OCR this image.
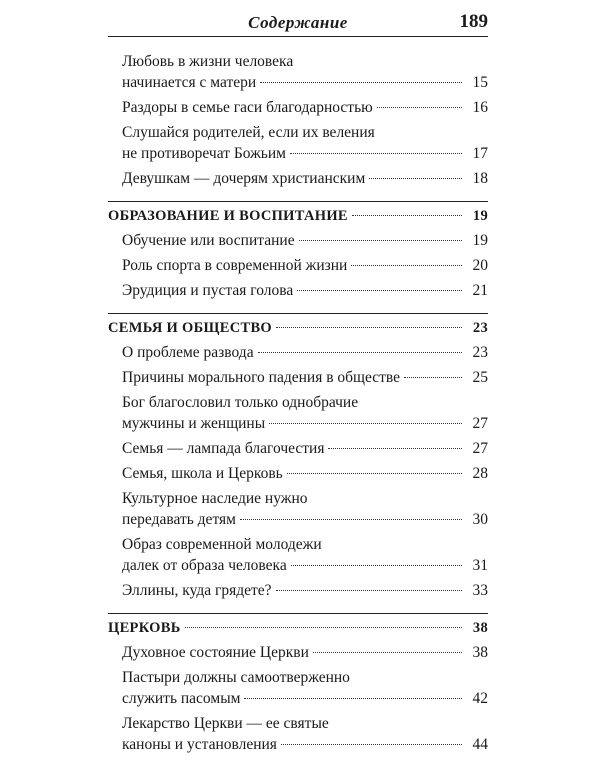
Содержание	189
Любовь в жизни человека
начинается с матери	15
Раздоры в семье гаси благодарностью	16
Слушайся родителей, если их веления
не противоречат Божьим	17
Девушкам — дочерям христианским	18
ОБРАЗОВАНИЕ И ВОСПИТАНИЕ	19
Обучение или воспитание	19
Роль спорта в современной жизни	20
Эрудиция и пустая голова	21
СЕМЬЯ И ОБЩЕСТВО	23
О проблеме развода	23
Причины морального падения в обществе	25
Бог благословил только однобрачие
мужчины и женщины	27
Семья — лампада благочестия	27
Семья, школа и Церковь	28
Культурное наследие нужно
передавать детям	30
Образ современной молодежи
далек от образа человека	31
Эллины, куда грядете?	33
ЦЕРКОВЬ	38
Духовное состояние Церкви	38
Пастыри должны самоотверженно
служить пасомым	42
Лекарство Церкви — ее святые
каноны и установления	44
